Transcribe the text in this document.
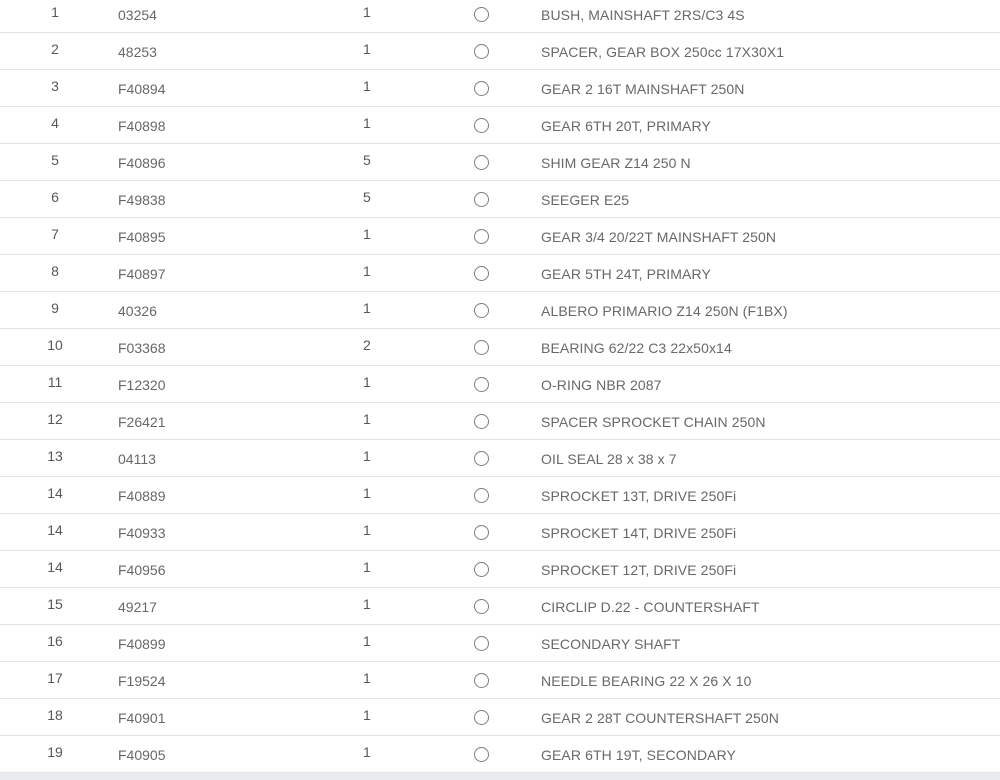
1	03254	1	BUSH, MAINSHAFT 2RS/C3 4S
2	48253	1	SPACER, GEAR BOX 250cc 17X30X1
3	F40894	1	GEAR 2 16T MAINSHAFT 250N
4	F40898	1	GEAR 6TH 20T, PRIMARY
5	F40896	5	SHIM GEAR Z14 250 N
6	F49838	5	SEEGER E25
7	F40895	1	GEAR 3/4 20/22T MAINSHAFT 250N
8	F40897	1	GEAR 5TH 24T, PRIMARY
9	40326	1	ALBERO PRIMARIO Z14 250N (F1BX)
10	F03368	2	BEARING 62/22 C3 22x50x14
11	F12320	1	O-RING NBR 2087
12	F26421	1	SPACER SPROCKET CHAIN 250N
13	04113	1	OIL SEAL 28 x 38 x 7
14	F40889	1	SPROCKET 13T, DRIVE 250Fi
14	F40933	1	SPROCKET 14T, DRIVE 250Fi
14	F40956	1	SPROCKET 12T, DRIVE 250Fi
15	49217	1	CIRCLIP D.22 - COUNTERSHAFT
16	F40899	1	SECONDARY SHAFT
17	F19524	1	NEEDLE BEARING 22 X 26 X 10
18	F40901	1	GEAR 2 28T COUNTERSHAFT 250N
19	F40905	1	GEAR 6TH 19T, SECONDARY
